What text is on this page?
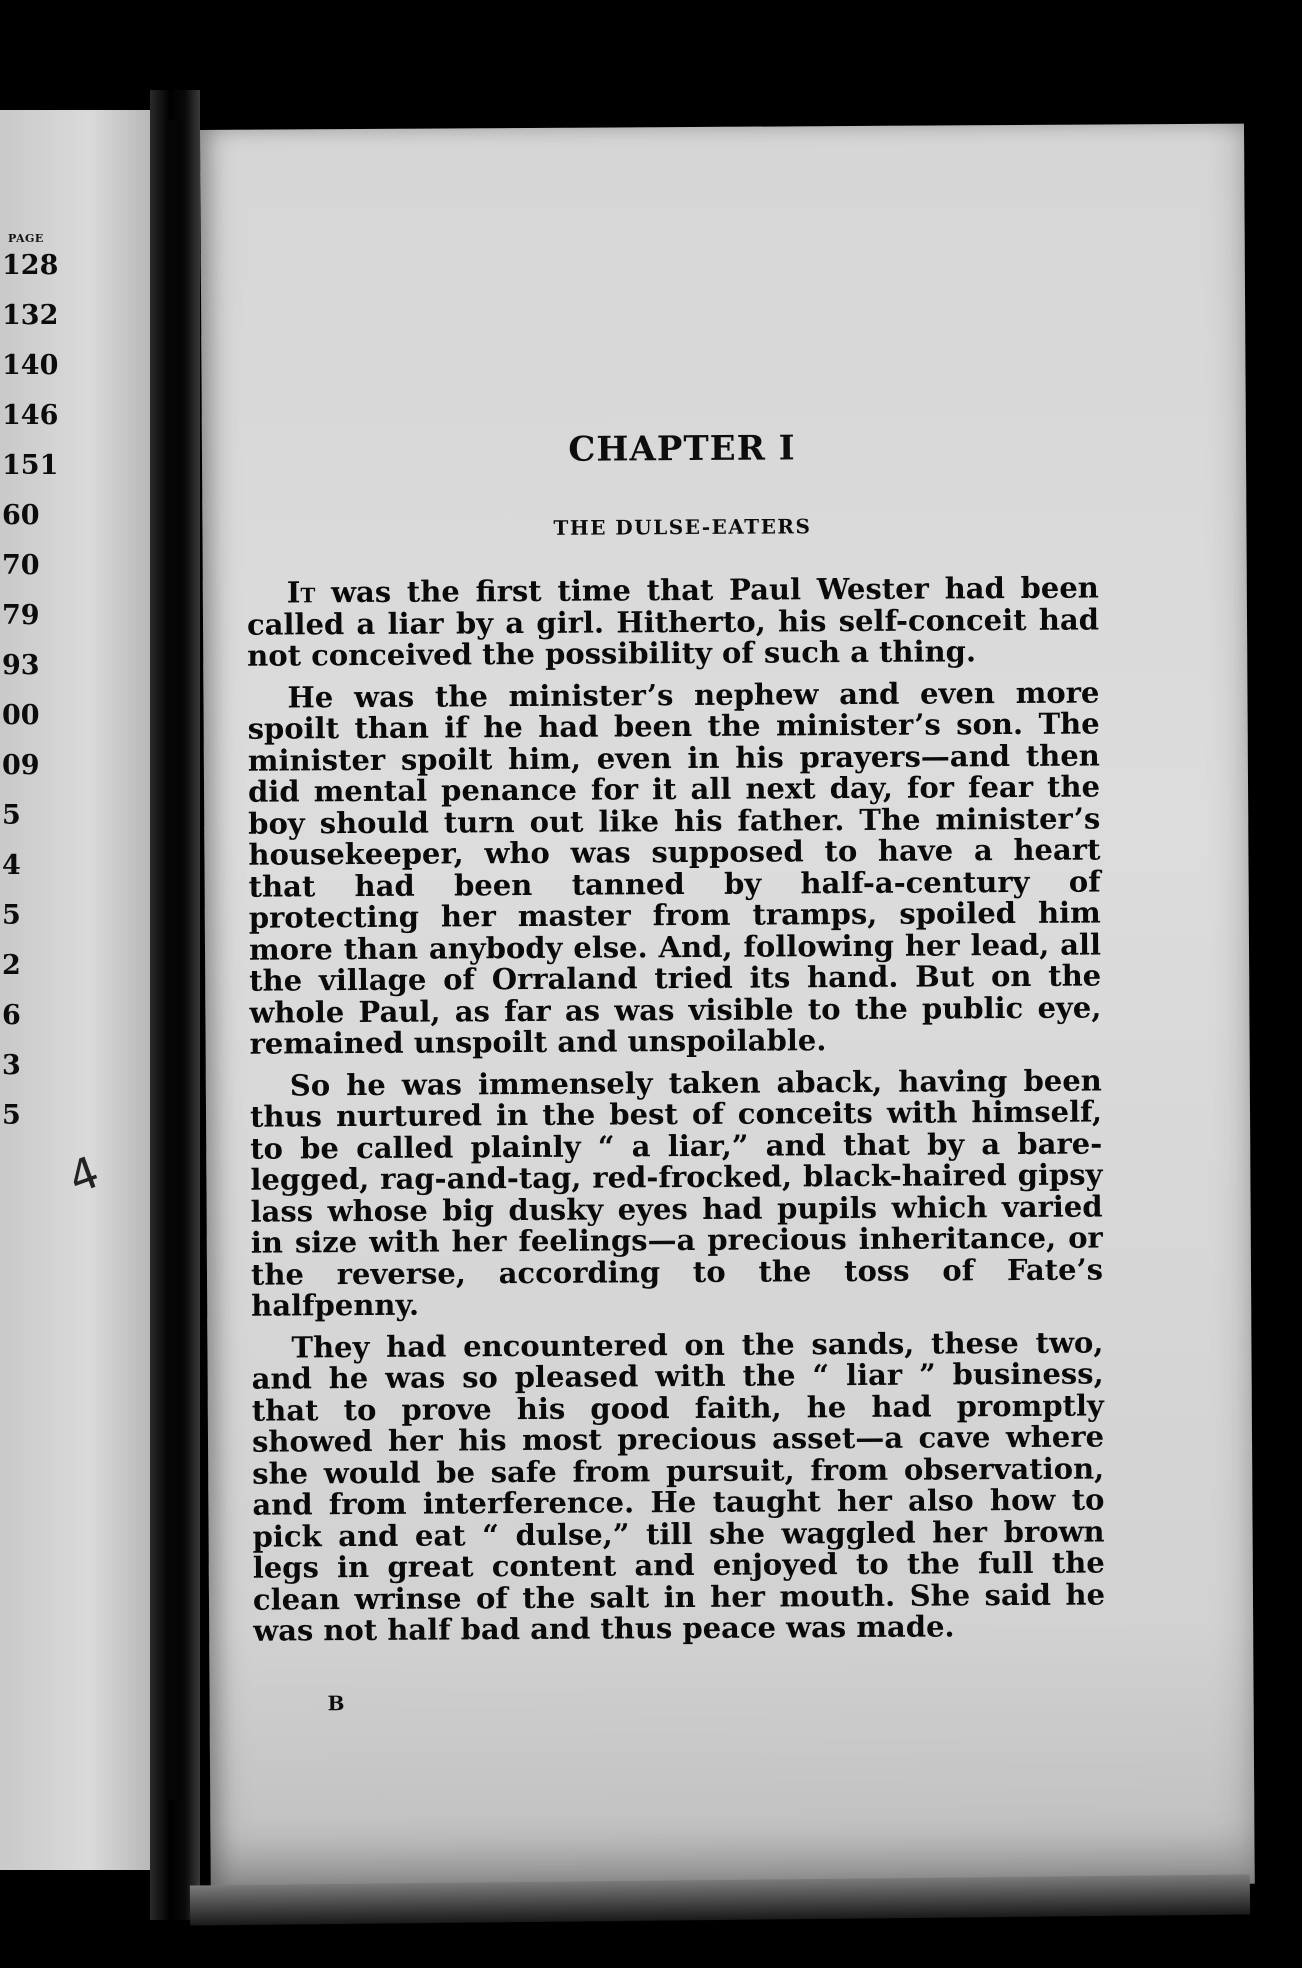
PAGE
128
132
140
146
151
60
70
79
93
00
09
5
4
5
2
6
3
5
4
CHAPTER I
THE DULSE-EATERS

It was the first time that Paul Wester had been called a liar by a girl. Hitherto, his self-conceit had not conceived the possibility of such a thing.

He was the minister’s nephew and even more spoilt than if he had been the minister’s son. The minister spoilt him, even in his prayers—and then did mental penance for it all next day, for fear the boy should turn out like his father. The minister’s housekeeper, who was supposed to have a heart that had been tanned by half-a-century of protecting her master from tramps, spoiled him more than anybody else. And, following her lead, all the village of Orraland tried its hand. But on the whole Paul, as far as was visible to the public eye, remained unspoilt and unspoilable.

So he was immensely taken aback, having been thus nurtured in the best of conceits with himself, to be called plainly “ a liar,” and that by a bare-legged, rag-and-tag, red-frocked, black-haired gipsy lass whose big dusky eyes had pupils which varied in size with her feelings—a precious inheritance, or the reverse, according to the toss of Fate’s halfpenny.

They had encountered on the sands, these two, and he was so pleased with the “ liar ” business, that to prove his good faith, he had promptly showed her his most precious asset—a cave where she would be safe from pursuit, from observation, and from interference. He taught her also how to pick and eat “ dulse,” till she waggled her brown legs in great content and enjoyed to the full the clean wrinse of the salt in her mouth. She said he was not half bad and thus peace was made.

B
